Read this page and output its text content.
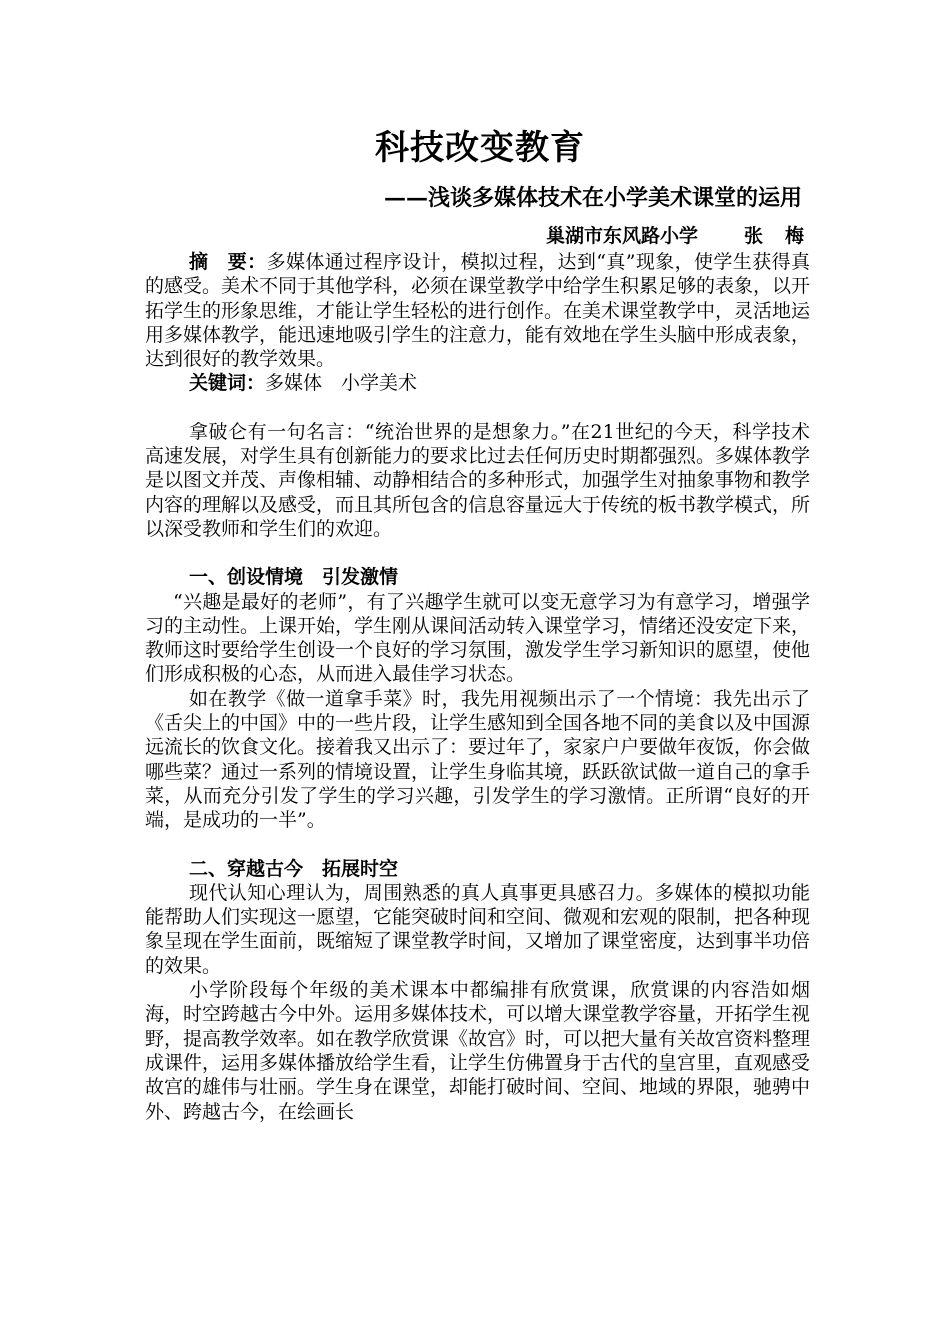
科技改变教育
——浅谈多媒体技术在小学美术课堂的运用
巢湖市东风路小学 张 梅

摘　要：多媒体通过程序设计，模拟过程，达到“真”现象，使学生获得真的感受。美术不同于其他学科，必须在课堂教学中给学生积累足够的表象，以开拓学生的形象思维，才能让学生轻松的进行创作。在美术课堂教学中，灵活地运用多媒体教学，能迅速地吸引学生的注意力，能有效地在学生头脑中形成表象，达到很好的教学效果。

关键词：多媒体　小学美术

拿破仑有一句名言：“统治世界的是想象力。”在21世纪的今天，科学技术高速发展，对学生具有创新能力的要求比过去任何历史时期都强烈。多媒体教学是以图文并茂、声像相辅、动静相结合的多种形式，加强学生对抽象事物和教学内容的理解以及感受，而且其所包含的信息容量远大于传统的板书教学模式，所以深受教师和学生们的欢迎。

一、创设情境　引发激情

“兴趣是最好的老师”，有了兴趣学生就可以变无意学习为有意学习，增强学习的主动性。上课开始，学生刚从课间活动转入课堂学习，情绪还没安定下来，教师这时要给学生创设一个良好的学习氛围，激发学生学习新知识的愿望，使他们形成积极的心态，从而进入最佳学习状态。

如在教学《做一道拿手菜》时，我先用视频出示了一个情境：我先出示了《舌尖上的中国》中的一些片段，让学生感知到全国各地不同的美食以及中国源远流长的饮食文化。接着我又出示了：要过年了，家家户户要做年夜饭，你会做哪些菜？通过一系列的情境设置，让学生身临其境，跃跃欲试做一道自己的拿手菜，从而充分引发了学生的学习兴趣，引发学生的学习激情。正所谓“良好的开端，是成功的一半”。

二、穿越古今　拓展时空

现代认知心理认为，周围熟悉的真人真事更具感召力。多媒体的模拟功能能帮助人们实现这一愿望，它能突破时间和空间、微观和宏观的限制，把各种现象呈现在学生面前，既缩短了课堂教学时间，又增加了课堂密度，达到事半功倍的效果。

小学阶段每个年级的美术课本中都编排有欣赏课，欣赏课的内容浩如烟海，时空跨越古今中外。运用多媒体技术，可以增大课堂教学容量，开拓学生视野，提高教学效率。如在教学欣赏课《故宫》时，可以把大量有关故宫资料整理成课件，运用多媒体播放给学生看，让学生仿佛置身于古代的皇宫里，直观感受故宫的雄伟与壮丽。学生身在课堂，却能打破时间、空间、地域的界限，驰骋中外、跨越古今，在绘画长
